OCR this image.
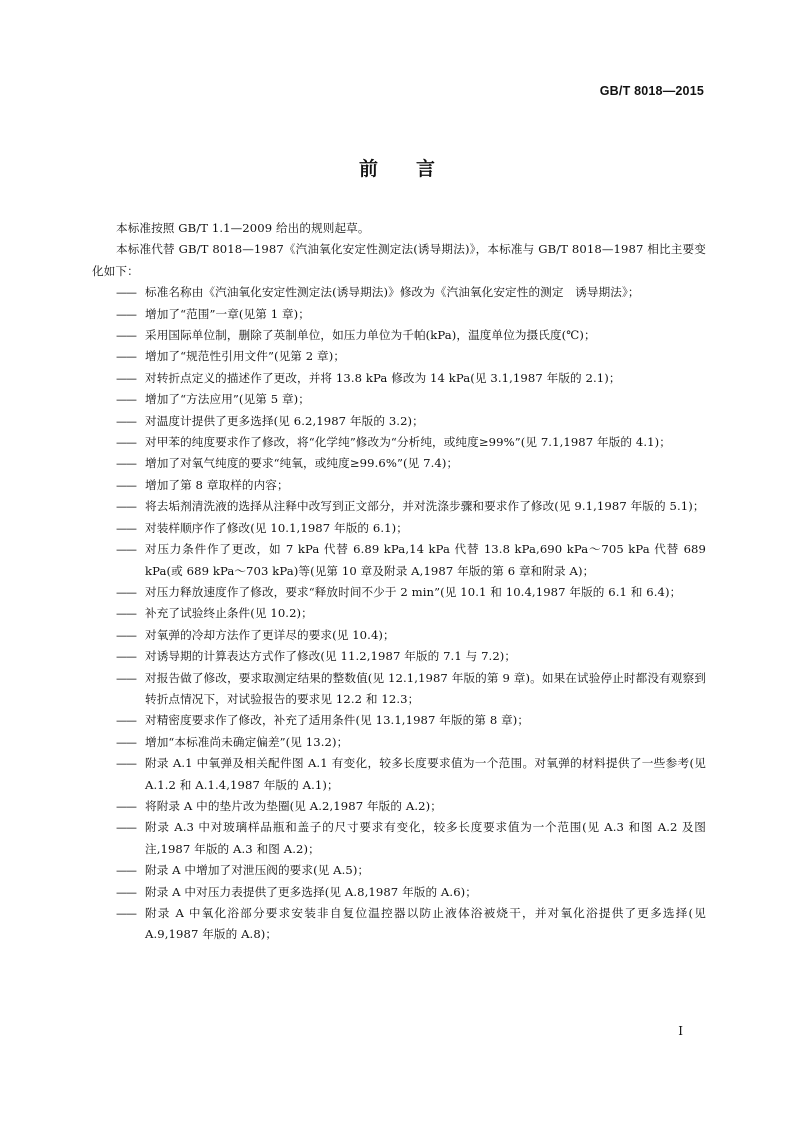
GB/T 8018—2015
前言

本标准按照 GB/T 1.1—2009 给出的规则起草。

本标准代替 GB/T 8018—1987《汽油氧化安定性测定法(诱导期法)》，本标准与 GB/T 8018—1987 相比主要变化如下：

—— 标准名称由《汽油氧化安定性测定法(诱导期法)》修改为《汽油氧化安定性的测定　诱导期法》；
—— 增加了“范围”一章(见第 1 章)；
—— 采用国际单位制，删除了英制单位，如压力单位为千帕(kPa)，温度单位为摄氏度(℃)；
—— 增加了“规范性引用文件”(见第 2 章)；
—— 对转折点定义的描述作了更改，并将 13.8 kPa 修改为 14 kPa(见 3.1,1987 年版的 2.1)；
—— 增加了“方法应用”(见第 5 章)；
—— 对温度计提供了更多选择(见 6.2,1987 年版的 3.2)；
—— 对甲苯的纯度要求作了修改，将“化学纯”修改为“分析纯，或纯度≥99%”(见 7.1,1987 年版的 4.1)；
—— 增加了对氧气纯度的要求“纯氧，或纯度≥99.6%”(见 7.4)；
—— 增加了第 8 章取样的内容；
—— 将去垢剂清洗液的选择从注释中改写到正文部分，并对洗涤步骤和要求作了修改(见 9.1,1987 年版的 5.1)；
—— 对装样顺序作了修改(见 10.1,1987 年版的 6.1)；
—— 对压力条件作了更改，如 7 kPa 代替 6.89 kPa,14 kPa 代替 13.8 kPa,690 kPa～705 kPa 代替 689 kPa(或 689 kPa～703 kPa)等(见第 10 章及附录 A,1987 年版的第 6 章和附录 A)；
—— 对压力释放速度作了修改，要求“释放时间不少于 2 min”(见 10.1 和 10.4,1987 年版的 6.1 和 6.4)；
—— 补充了试验终止条件(见 10.2)；
—— 对氧弹的冷却方法作了更详尽的要求(见 10.4)；
—— 对诱导期的计算表达方式作了修改(见 11.2,1987 年版的 7.1 与 7.2)；
—— 对报告做了修改，要求取测定结果的整数值(见 12.1,1987 年版的第 9 章)。如果在试验停止时都没有观察到转折点情况下，对试验报告的要求见 12.2 和 12.3；
—— 对精密度要求作了修改，补充了适用条件(见 13.1,1987 年版的第 8 章)；
—— 增加“本标准尚未确定偏差”(见 13.2)；
—— 附录 A.1 中氧弹及相关配件图 A.1 有变化，较多长度要求值为一个范围。对氧弹的材料提供了一些参考(见 A.1.2 和 A.1.4,1987 年版的 A.1)；
—— 将附录 A 中的垫片改为垫圈(见 A.2,1987 年版的 A.2)；
—— 附录 A.3 中对玻璃样品瓶和盖子的尺寸要求有变化，较多长度要求值为一个范围(见 A.3 和图 A.2 及图注,1987 年版的 A.3 和图 A.2)；
—— 附录 A 中增加了对泄压阀的要求(见 A.5)；
—— 附录 A 中对压力表提供了更多选择(见 A.8,1987 年版的 A.6)；
—— 附录 A 中氧化浴部分要求安装非自复位温控器以防止液体浴被烧干，并对氧化浴提供了更多选择(见 A.9,1987 年版的 A.8)；
I
